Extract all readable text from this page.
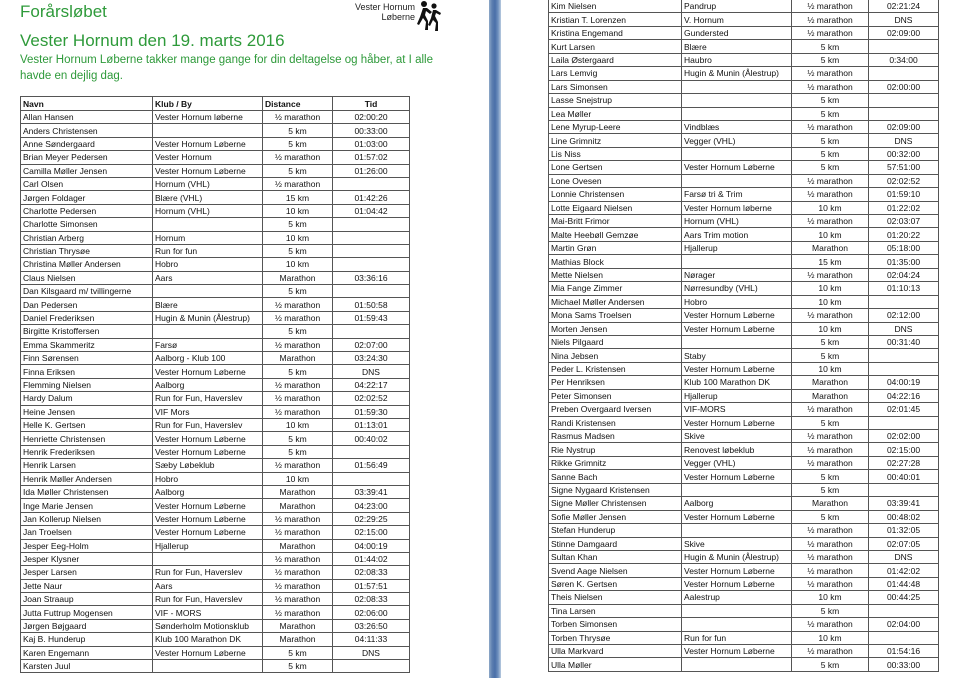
Forårsløbet
Vester Hornum den 19. marts 2016
Vester Hornum Løberne takker mange gange for din deltagelse og håber, at I alle havde en dejlig dag.
Vester Hornum
Løberne
Navn	Klub / By	Distance	Tid
Allan Hansen	Vester Hornum løberne	½ marathon	02:00:20
Anders Christensen		5 km	00:33:00
Anne Søndergaard	Vester Hornum Løberne	5 km	01:03:00
Brian Meyer Pedersen	Vester Hornum	½ marathon	01:57:02
Camilla Møller Jensen	Vester Hornum Løberne	5 km	01:26:00
Carl Olsen	Hornum (VHL)	½ marathon	
Jørgen Foldager	Blære (VHL)	15 km	01:42:26
Charlotte Pedersen	Hornum (VHL)	10 km	01:04:42
Charlotte Simonsen		5 km	
Christian Arberg	Hornum	10 km	
Christian Thrysøe	Run for fun	5 km	
Christina Møller Andersen	Hobro	10 km	
Claus Nielsen	Aars	Marathon	03:36:16
Dan Kilsgaard m/ tvillingerne		5 km	
Dan Pedersen	Blære	½ marathon	01:50:58
Daniel Frederiksen	Hugin & Munin (Ålestrup)	½ marathon	01:59:43
Birgitte Kristoffersen		5 km	
Emma Skammeritz	Farsø	½ marathon	02:07:00
Finn Sørensen	Aalborg - Klub 100	Marathon	03:24:30
Finna Eriksen	Vester Hornum Løberne	5 km	DNS
Flemming Nielsen	Aalborg	½ marathon	04:22:17
Hardy Dalum	Run for Fun, Haverslev	½ marathon	02:02:52
Heine Jensen	VIF Mors	½ marathon	01:59:30
Helle K. Gertsen	Run for Fun, Haverslev	10 km	01:13:01
Henriette Christensen	Vester Hornum Løberne	5 km	00:40:02
Henrik Frederiksen	Vester Hornum Løberne	5 km	
Henrik Larsen	Sæby Løbeklub	½ marathon	01:56:49
Henrik Møller Andersen	Hobro	10 km	
Ida Møller Christensen	Aalborg	Marathon	03:39:41
Inge Marie Jensen	Vester Hornum Løberne	Marathon	04:23:00
Jan Kollerup Nielsen	Vester Hornum Løberne	½ marathon	02:29:25
Jan Troelsen	Vester Hornum Løberne	½ marathon	02:15:00
Jesper Eeg-Holm	Hjallerup	Marathon	04:00:19
Jesper Klysner		½ marathon	01:44:02
Jesper Larsen	Run for Fun, Haverslev	½ marathon	02:08:33
Jette Naur	Aars	½ marathon	01:57:51
Joan Straaup	Run for Fun, Haverslev	½ marathon	02:08:33
Jutta Futtrup Mogensen	VIF - MORS	½ marathon	02:06:00
Jørgen Bøjgaard	Sønderholm Motionsklub	Marathon	03:26:50
Kaj B. Hunderup	Klub 100 Marathon DK	Marathon	04:11:33
Karen Engemann	Vester Hornum Løberne	5 km	DNS
Karsten Juul		5 km	
Kim Nielsen	Pandrup	½ marathon	02:21:24
Kristian T. Lorenzen	V. Hornum	½ marathon	DNS
Kristina Engemand	Gundersted	½ marathon	02:09:00
Kurt Larsen	Blære	5 km	
Laila Østergaard	Haubro	5 km	0:34:00
Lars Lemvig	Hugin & Munin (Ålestrup)	½ marathon	
Lars Simonsen		½ marathon	02:00:00
Lasse Snejstrup		5 km	
Lea Møller		5 km	
Lene Myrup-Leere	Vindblæs	½ marathon	02:09:00
Line Grimnitz	Vegger (VHL)	5 km	DNS
Lis Niss		5 km	00:32:00
Lone Gertsen	Vester Hornum Løberne	5 km	57:51:00
Lone Ovesen		½ marathon	02:02:52
Lonnie Christensen	Farsø tri & Trim	½ marathon	01:59:10
Lotte Eigaard Nielsen	Vester Hornum løberne	10 km	01:22:02
Mai-Britt Frimor	Hornum (VHL)	½ marathon	02:03:07
Malte Heebøll Gemzøe	Aars Trim motion	10 km	01:20:22
Martin Grøn	Hjallerup	Marathon	05:18:00
Mathias Block		15 km	01:35:00
Mette Nielsen	Nørager	½ marathon	02:04:24
Mia Fange Zimmer	Nørresundby (VHL)	10 km	01:10:13
Michael Møller Andersen	Hobro	10 km	
Mona Sams Troelsen	Vester Hornum Løberne	½ marathon	02:12:00
Morten Jensen	Vester Hornum Løberne	10 km	DNS
Niels Pilgaard		5 km	00:31:40
Nina Jebsen	Staby	5 km	
Peder L. Kristensen	Vester Hornum Løberne	10 km	
Per Henriksen	Klub 100 Marathon DK	Marathon	04:00:19
Peter Simonsen	Hjallerup	Marathon	04:22:16
Preben Overgaard Iversen	VIF-MORS	½ marathon	02:01:45
Randi Kristensen	Vester Hornum Løberne	5 km	
Rasmus Madsen	Skive	½ marathon	02:02:00
Rie Nystrup	Renovest løbeklub	½ marathon	02:15:00
Rikke Grimnitz	Vegger (VHL)	½ marathon	02:27:28
Sanne Bach	Vester Hornum Løberne	5 km	00:40:01
Signe Nygaard Kristensen		5 km	
Signe Møller Christensen	Aalborg	Marathon	03:39:41
Sofie Møller Jensen	Vester Hornum Løberne	5 km	00:48:02
Stefan Hunderup		½ marathon	01:32:05
Stinne Damgaard	Skive	½ marathon	02:07:05
Sultan Khan	Hugin & Munin (Ålestrup)	½ marathon	DNS
Svend Aage Nielsen	Vester Hornum Løberne	½ marathon	01:42:02
Søren K. Gertsen	Vester Hornum Løberne	½ marathon	01:44:48
Theis Nielsen	Aalestrup	10 km	00:44:25
Tina Larsen		5 km	
Torben Simonsen		½ marathon	02:04:00
Torben Thrysøe	Run for fun	10 km	
Ulla Markvard	Vester Hornum Løberne	½ marathon	01:54:16
Ulla Møller		5 km	00:33:00
